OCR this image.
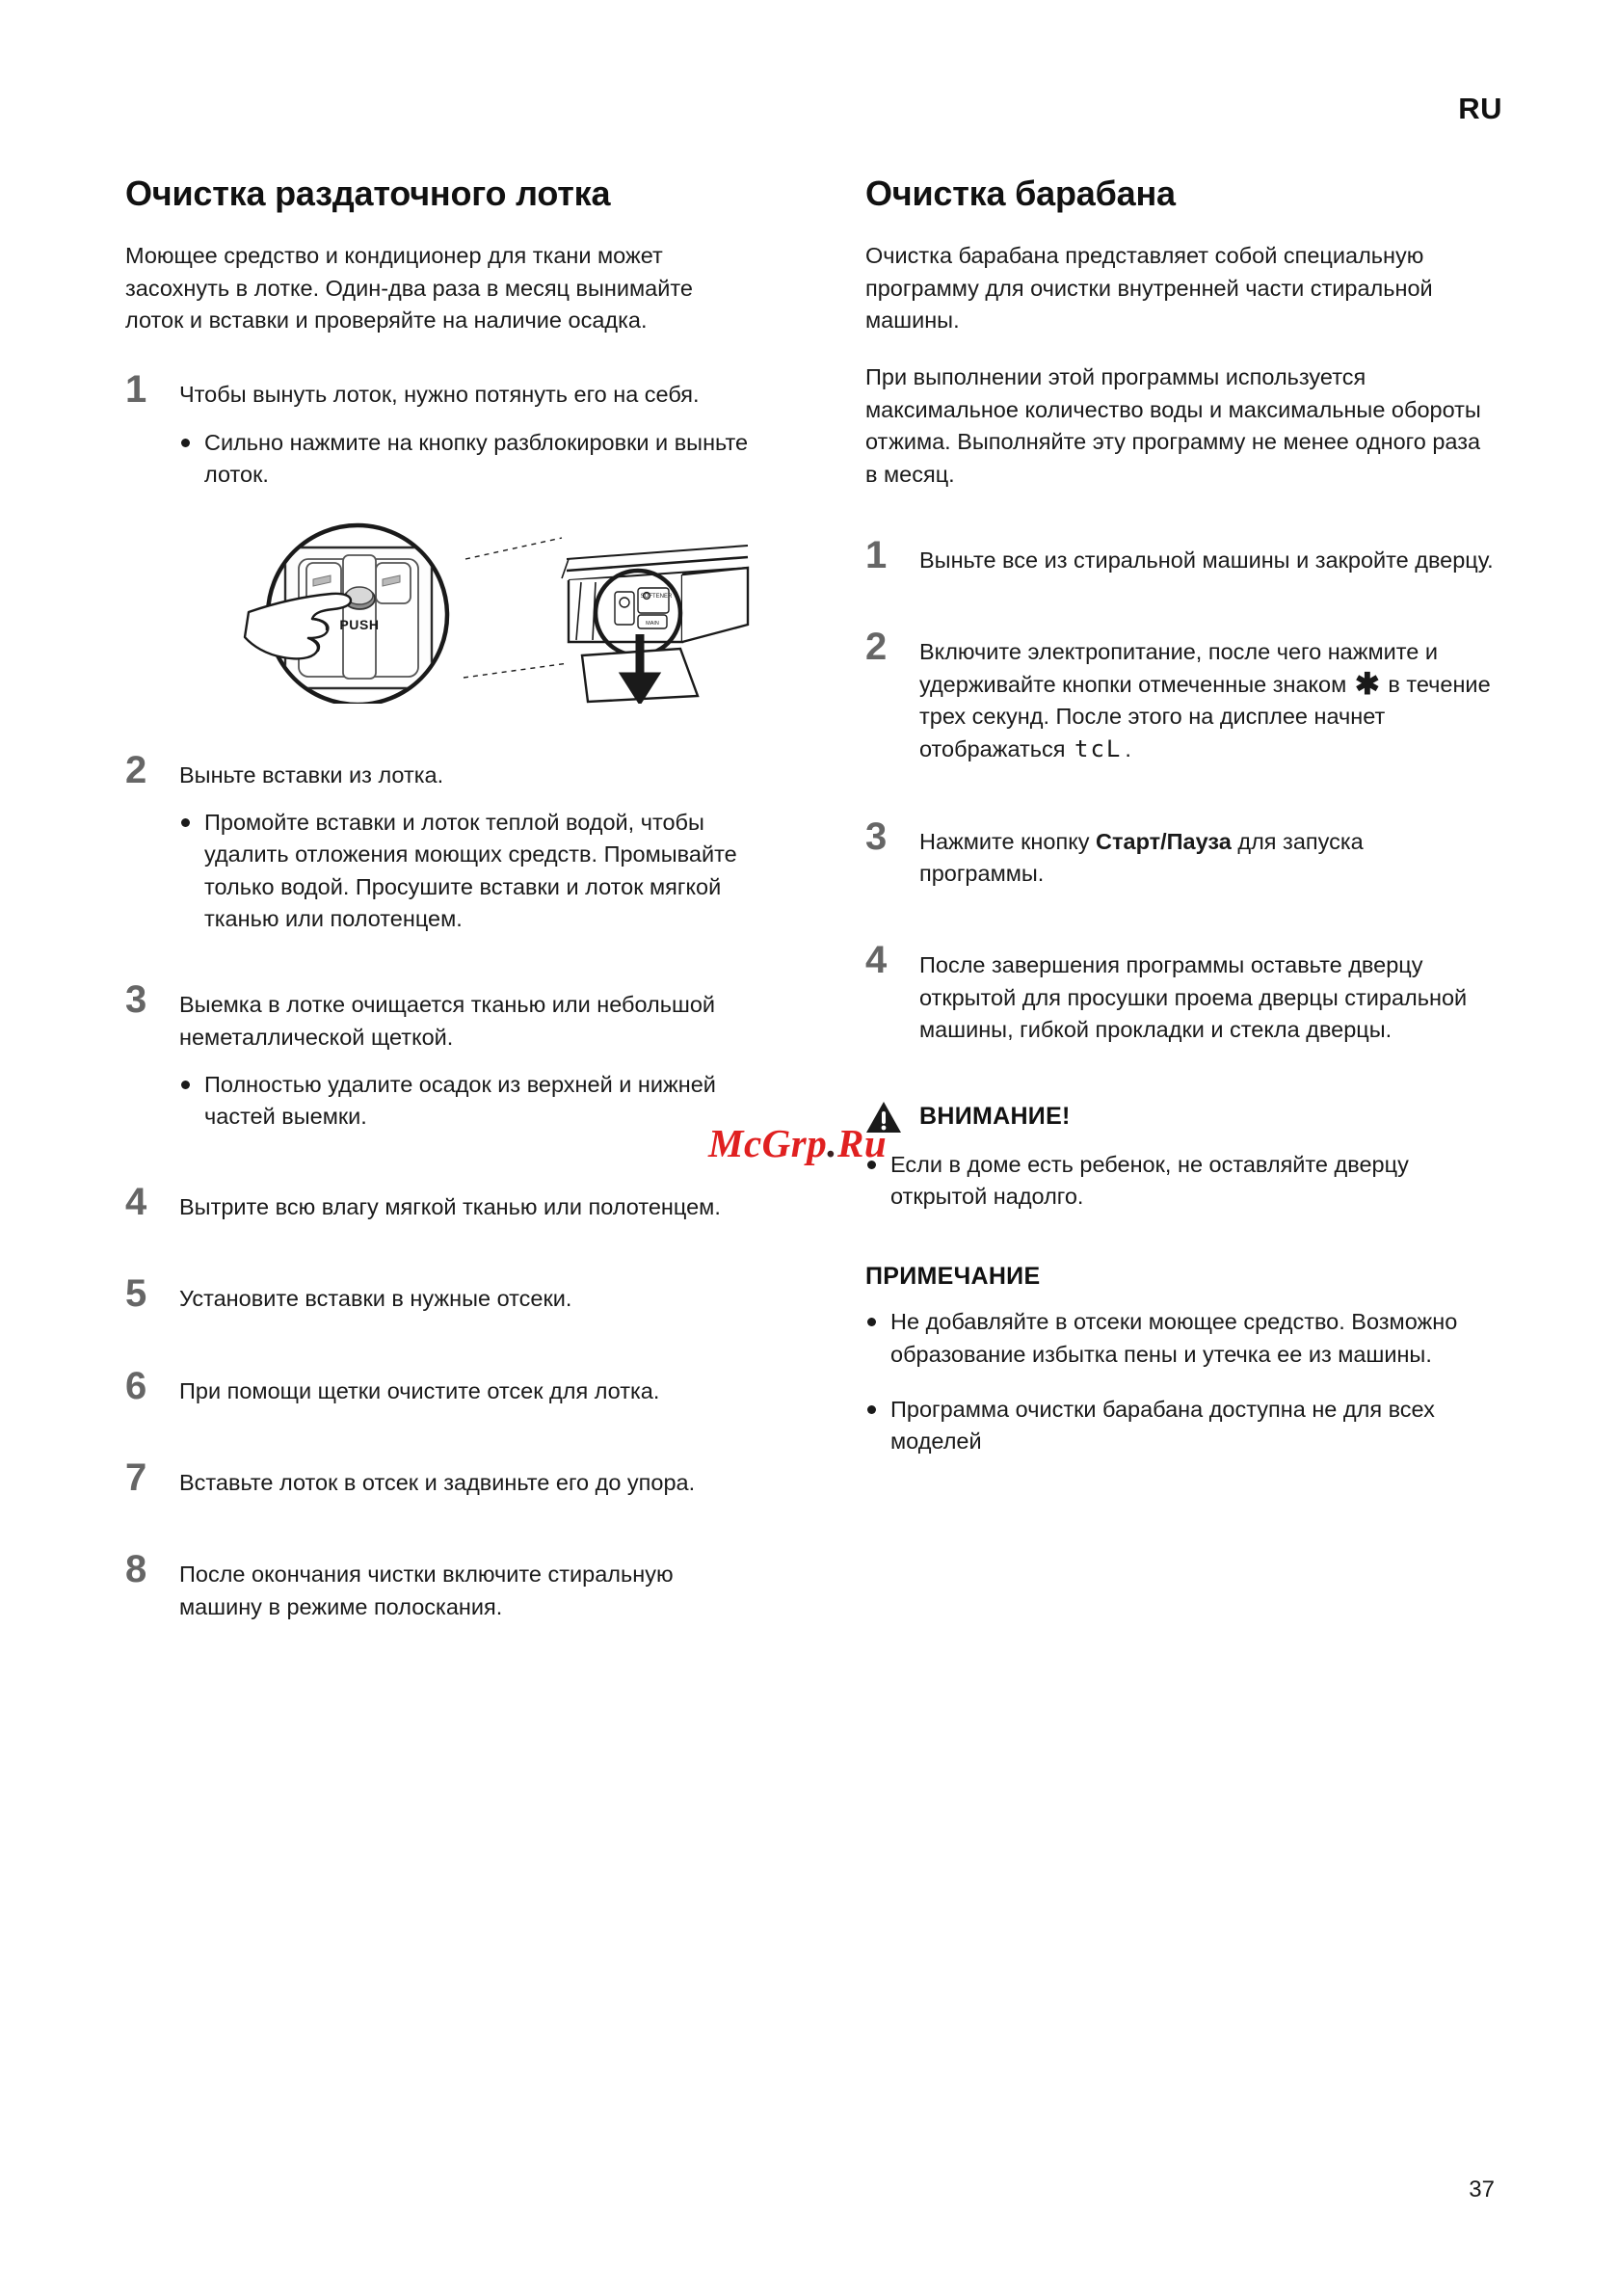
RU
Очистка раздаточного лотка

Моющее средство и кондиционер для ткани может засохнуть в лотке. Один-два раза в месяц вынимайте лоток и вставки и проверяйте на наличие осадка.

1	Чтобы вынуть лоток, нужно потянуть его на себя.
Сильно нажмите на кнопку разблокировки и выньте лоток.
PUSH
SOFTENER
MAIN
2	Выньте вставки из лотка.
Промойте вставки и лоток теплой водой, чтобы удалить отложения моющих средств. Промывайте только водой. Просушите вставки и лоток мягкой тканью или полотенцем.
3	Выемка в лотке очищается тканью или небольшой неметаллической щеткой.
Полностью удалите осадок из верхней и нижней частей выемки.
4	Вытрите всю влагу мягкой тканью или полотенцем.
5	Установите вставки в нужные отсеки.
6	При помощи щетки очистите отсек для лотка.
7	Вставьте лоток в отсек и задвиньте его до упора.
8	После окончания чистки включите стиральную машину в режиме полоскания.
Очистка барабана

Очистка барабана представляет собой специальную программу для очистки внутренней части стиральной машины.

При выполнении этой программы используется максимальное количество воды и максимальные обороты отжима. Выполняйте эту программу не менее одного раза в месяц.

1	Выньте все из стиральной машины и закройте дверцу.
2	Включите электропитание, после чего нажмите и удерживайте кнопки отмеченные знаком ✱ в течение трех секунд. После этого на дисплее начнет отображаться tcL .
3	Нажмите кнопку Старт/Пауза для запуска программы.
4	После завершения программы оставьте дверцу открытой для просушки проема дверцы стиральной машины, гибкой прокладки и стекла дверцы.
ВНИМАНИЕ!
Если в доме есть ребенок, не оставляйте дверцу открытой надолго.
ПРИМЕЧАНИЕ
Не добавляйте в отсеки моющее средство. Возможно образование избытка пены и утечка ее из машины.
Программа очистки барабана доступна не для всех моделей
McGrp.Ru
37
